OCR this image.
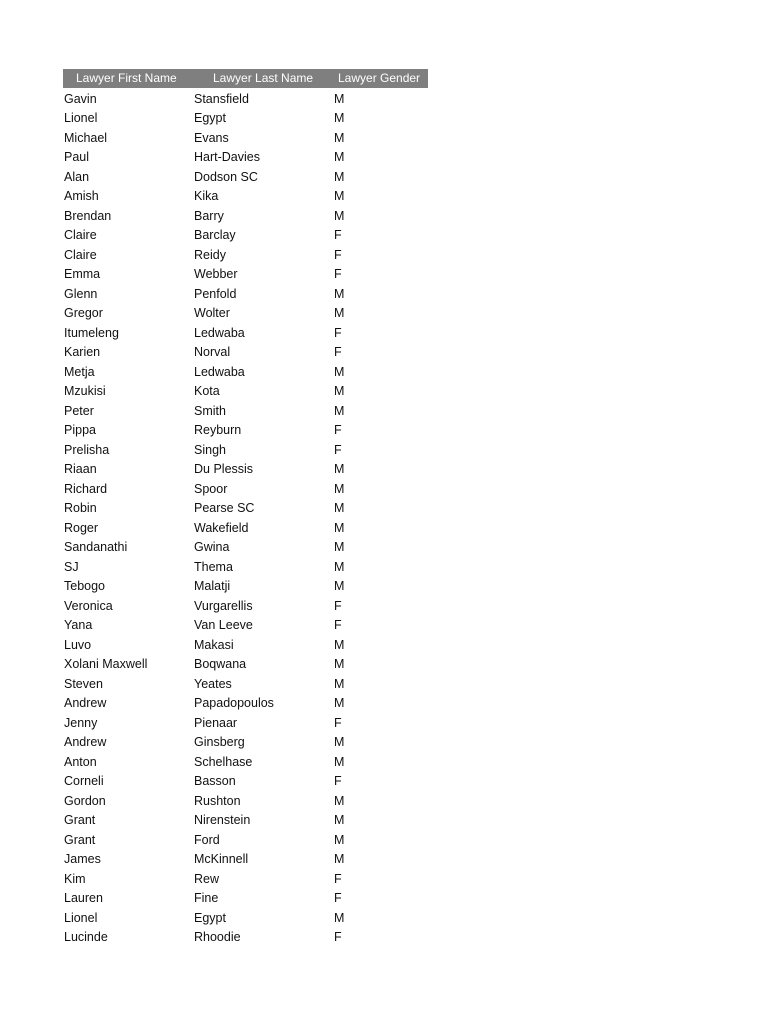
Lawyer First Name	Lawyer Last Name	Lawyer Gender
Gavin	Stansfield	M
Lionel	Egypt	M
Michael	Evans	M
Paul	Hart-Davies	M
Alan	Dodson SC	M
Amish	Kika	M
Brendan	Barry	M
Claire	Barclay	F
Claire	Reidy	F
Emma	Webber	F
Glenn	Penfold	M
Gregor	Wolter	M
Itumeleng	Ledwaba	F
Karien	Norval	F
Metja	Ledwaba	M
Mzukisi	Kota	M
Peter	Smith	M
Pippa	Reyburn	F
Prelisha	Singh	F
Riaan	Du Plessis	M
Richard	Spoor	M
Robin	Pearse SC	M
Roger	Wakefield	M
Sandanathi	Gwina	M
SJ	Thema	M
Tebogo	Malatji	M
Veronica	Vurgarellis	F
Yana	Van Leeve	F
Luvo	Makasi	M
Xolani Maxwell	Boqwana	M
Steven	Yeates	M
Andrew	Papadopoulos	M
Jenny	Pienaar	F
Andrew	Ginsberg	M
Anton	Schelhase	M
Corneli	Basson	F
Gordon	Rushton	M
Grant	Nirenstein	M
Grant	Ford	M
James	McKinnell	M
Kim	Rew	F
Lauren	Fine	F
Lionel	Egypt	M
Lucinde	Rhoodie	F
